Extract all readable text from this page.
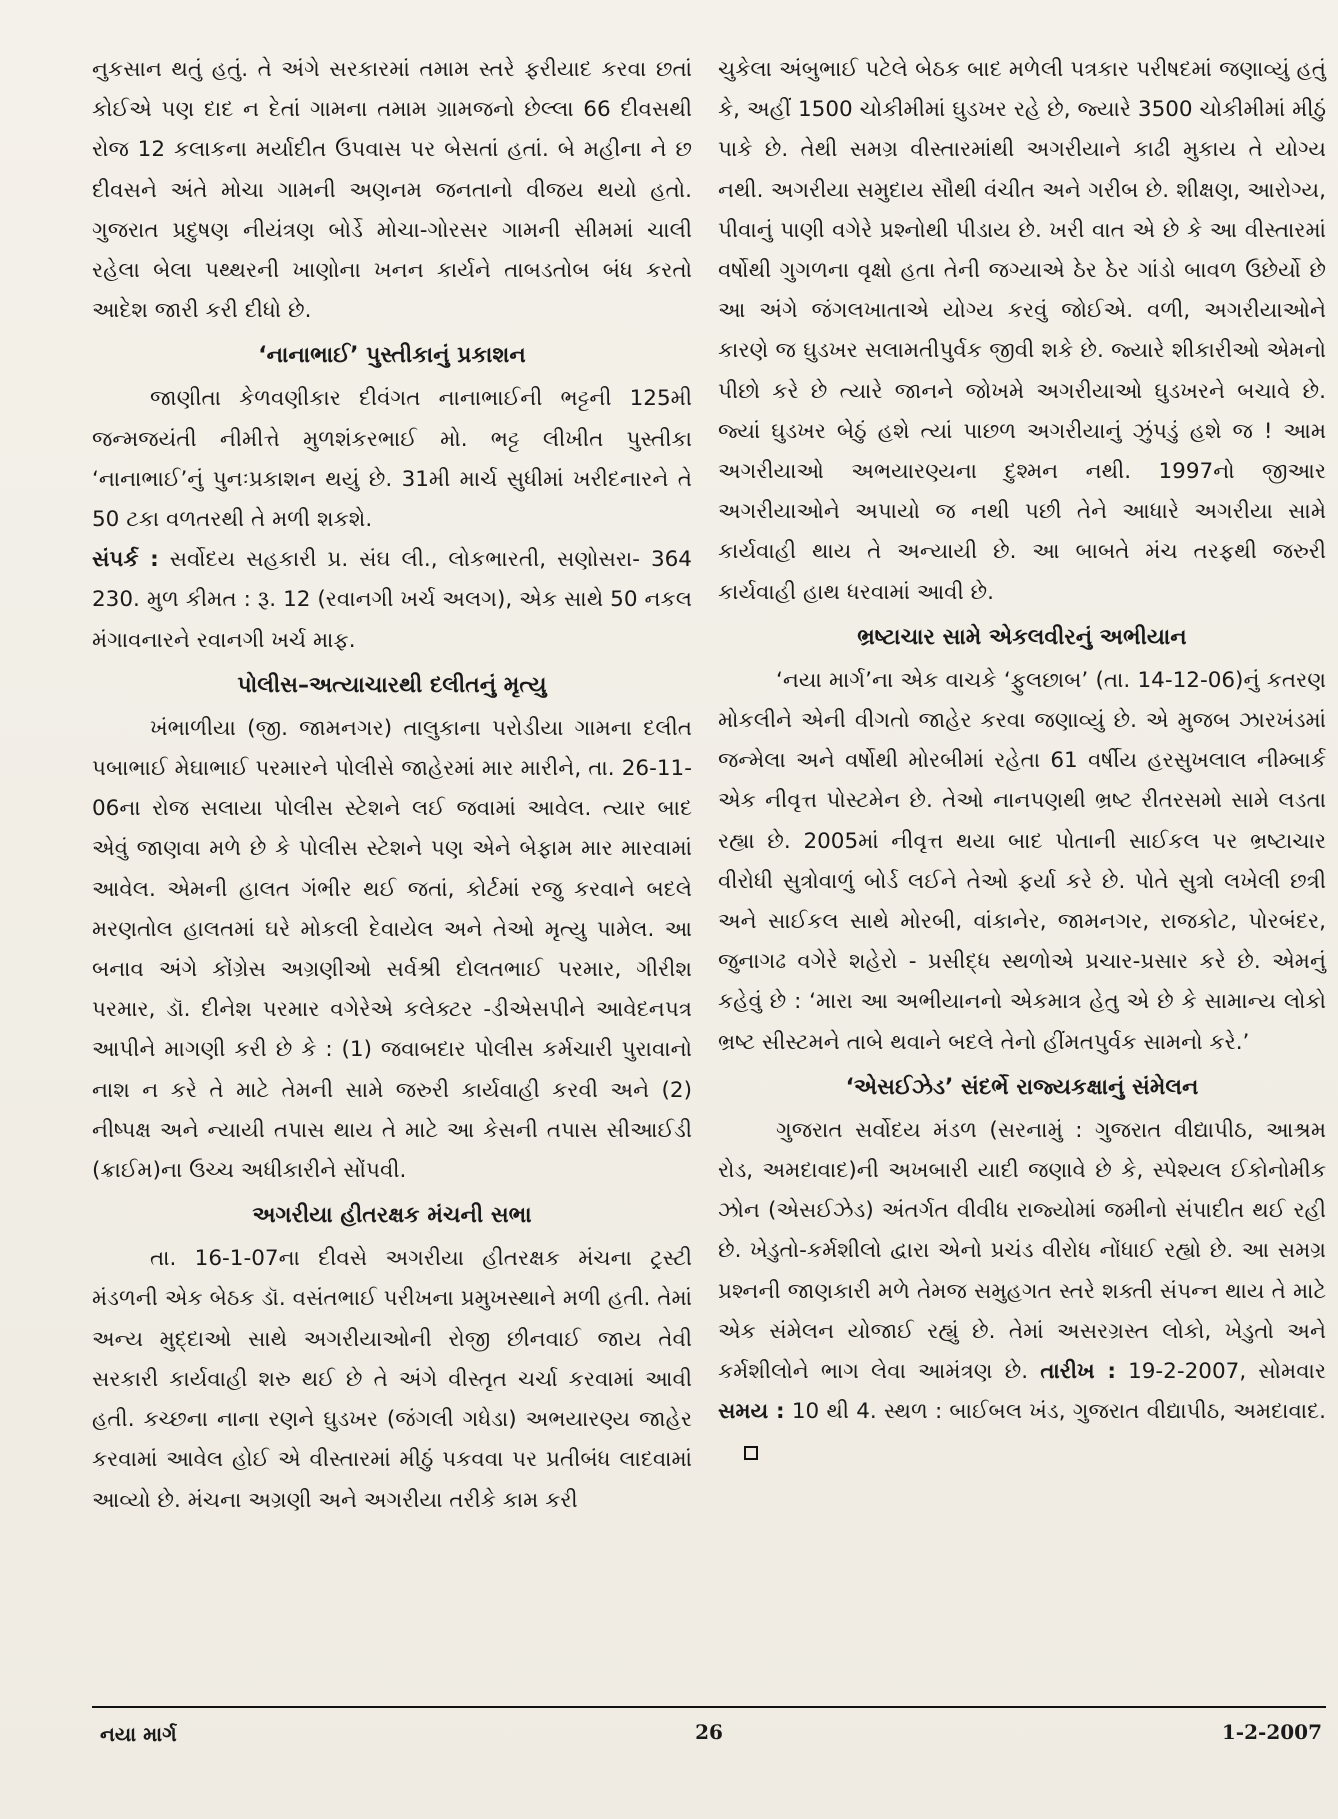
નુકસાન થતું હતું. તે અંગે સરકારમાં તમામ સ્તરે ફરીયાદ કરવા છતાં કોઈએ પણ દાદ ન દેતાં ગામના તમામ ગ્રામજનો છેલ્લા 66 દીવસથી રોજ 12 કલાકના મર્યાદીત ઉપવાસ પર બેસતાં હતાં. બે મહીના ને છ દીવસને અંતે મોચા ગામની અણનમ જનતાનો વીજય થયો હતો. ગુજરાત પ્રદુષણ નીયંત્રણ બોર્ડે મોચા-ગોરસર ગામની સીમમાં ચાલી રહેલા બેલા પથ્થરની ખાણોના ખનન કાર્યને તાબડતોબ બંધ કરતો આદેશ જારી કરી દીધો છે.

‘નાનાભાઈ’ પુસ્તીકાનું પ્રકાશન

જાણીતા કેળવણીકાર દીવંગત નાનાભાઈની ભટ્ટની 125મી જન્મજયંતી નીમીત્તે મુળશંકરભાઈ મો. ભટ્ટ લીખીત પુસ્તીકા ‘નાનાભાઈ’નું પુનઃપ્રકાશન થયું છે. 31મી માર્ચ સુધીમાં ખરીદનારને તે 50 ટકા વળતરથી તે મળી શકશે.

સંપર્ક : સર્વોદય સહકારી પ્ર. સંઘ લી., લોકભારતી, સણોસરા- 364 230. મુળ કીમત : રૂ. 12 (રવાનગી ખર્ચ અલગ), એક સાથે 50 નકલ મંગાવનારને રવાનગી ખર્ચ માફ.

પોલીસ–અત્યાચારથી દલીતનું મૃત્યુ

ખંભાળીયા (જી. જામનગર) તાલુકાના પરોડીયા ગામના દલીત પબાભાઈ મેઘાભાઈ પરમારને પોલીસે જાહેરમાં માર મારીને, તા. 26-11-06ના રોજ સલાયા પોલીસ સ્ટેશને લઈ જવામાં આવેલ. ત્યાર બાદ એવું જાણવા મળે છે કે પોલીસ સ્ટેશને પણ એને બેફામ માર મારવામાં આવેલ. એમની હાલત ગંભીર થઈ જતાં, કોર્ટમાં રજુ કરવાને બદલે મરણતોલ હાલતમાં ઘરે મોકલી દેવાયેલ અને તેઓ મૃત્યુ પામેલ. આ બનાવ અંગે કોંગ્રેસ અગ્રણીઓ સર્વશ્રી દોલતભાઈ પરમાર, ગીરીશ પરમાર, ડૉ. દીનેશ પરમાર વગેરેએ કલેક્ટર -ડીએસપીને આવેદનપત્ર આપીને માગણી કરી છે કે : (1) જવાબદાર પોલીસ કર્મચારી પુરાવાનો નાશ ન કરે તે માટે તેમની સામે જરુરી કાર્યવાહી કરવી અને (2) નીષ્પક્ષ અને ન્યાયી તપાસ થાય તે માટે આ કેસની તપાસ સીઆઈડી (ક્રાઈમ)ના ઉચ્ચ અધીકારીને સોંપવી.

અગરીયા હીતરક્ષક મંચની સભા

તા. 16-1-07ના દીવસે અગરીયા હીતરક્ષક મંચના ટ્રસ્ટી મંડળની એક બેઠક ડૉ. વસંતભાઈ પરીખના પ્રમુખસ્થાને મળી હતી. તેમાં અન્ય મુદ્દાઓ સાથે અગરીયાઓની રોજી છીનવાઈ જાય તેવી સરકારી કાર્યવાહી શરુ થઈ છે તે અંગે વીસ્તૃત ચર્ચા કરવામાં આવી હતી. કચ્છના નાના રણને ઘુડખર (જંગલી ગધેડા) અભયારણ્ય જાહેર કરવામાં આવેલ હોઈ એ વીસ્તારમાં મીઠું પકવવા પર પ્રતીબંધ લાદવામાં આવ્યો છે. મંચના અગ્રણી અને અગરીયા તરીકે કામ કરી

ચુકેલા અંબુભાઈ પટેલે બેઠક બાદ મળેલી પત્રકાર પરીષદમાં જણાવ્યું હતું કે, અહીં 1500 ચોકીમીમાં ઘુડખર રહે છે, જ્યારે 3500 ચોકીમીમાં મીઠું પાકે છે. તેથી સમગ્ર વીસ્તારમાંથી અગરીયાને કાઢી મુકાય તે યોગ્ય નથી. અગરીયા સમુદાય સૌથી વંચીત અને ગરીબ છે. શીક્ષણ, આરોગ્ય, પીવાનું પાણી વગેરે પ્રશ્નોથી પીડાય છે. ખરી વાત એ છે કે આ વીસ્તારમાં વર્ષોથી ગુગળના વૃક્ષો હતા તેની જગ્યાએ ઠેર ઠેર ગાંડો બાવળ ઉછેર્યો છે આ અંગે જંગલખાતાએ યોગ્ય કરવું જોઈએ. વળી, અગરીયાઓને કારણે જ ઘુડખર સલામતીપુર્વક જીવી શકે છે. જ્યારે શીકારીઓ એમનો પીછો કરે છે ત્યારે જાનને જોખમે અગરીયાઓ ઘુડખરને બચાવે છે. જ્યાં ઘુડખર બેઠું હશે ત્યાં પાછળ અગરીયાનું ઝુંપડું હશે જ ! આમ અગરીયાઓ અભયારણ્યના દુશ્મન નથી. 1997નો જીઆર અગરીયાઓને અપાયો જ નથી પછી તેને આધારે અગરીયા સામે કાર્યવાહી થાય તે અન્યાયી છે. આ બાબતે મંચ તરફથી જરુરી કાર્યવાહી હાથ ધરવામાં આવી છે.

ભ્રષ્ટાચાર સામે એકલવીરનું અભીયાન

‘નયા માર્ગ’ના એક વાચકે ‘ફુલછાબ’ (તા. 14-12-06)નું કતરણ મોકલીને એની વીગતો જાહેર કરવા જણાવ્યું છે. એ મુજબ ઝારખંડમાં જન્મેલા અને વર્ષોથી મોરબીમાં રહેતા 61 વર્ષીય હરસુખલાલ નીમ્બાર્ક એક નીવૃત્ત પોસ્ટમેન છે. તેઓ નાનપણથી ભ્રષ્ટ રીતરસમો સામે લડતા રહ્યા છે. 2005માં નીવૃત્ત થયા બાદ પોતાની સાઈકલ પર ભ્રષ્ટાચાર વીરોધી સુત્રોવાળું બોર્ડ લઈને તેઓ ફર્યા કરે છે. પોતે સુત્રો લખેલી છત્રી અને સાઈકલ સાથે મોરબી, વાંકાનેર, જામનગર, રાજકોટ, પોરબંદર, જુનાગઢ વગેરે શહેરો - પ્રસીદ્ધ સ્થળોએ પ્રચાર-પ્રસાર કરે છે. એમનું કહેવું છે : ‘મારા આ અભીયાનનો એકમાત્ર હેતુ એ છે કે સામાન્ય લોકો ભ્રષ્ટ સીસ્ટમને તાબે થવાને બદલે તેનો હીંમતપુર્વક સામનો કરે.’

‘એસઈઝેડ’ સંદર્ભે રાજ્યકક્ષાનું સંમેલન

ગુજરાત સર્વોદય મંડળ (સરનામું : ગુજરાત વીદ્યાપીઠ, આશ્રમ રોડ, અમદાવાદ)ની અખબારી યાદી જણાવે છે કે, સ્પેશ્યલ ઈકોનોમીક ઝોન (એસઈઝેડ) અંતર્ગત વીવીધ રાજ્યોમાં જમીનો સંપાદીત થઈ રહી છે. ખેડુતો-કર્મશીલો દ્વારા એનો પ્રચંડ વીરોધ નોંધાઈ રહ્યો છે. આ સમગ્ર પ્રશ્નની જાણકારી મળે તેમજ સમુહગત સ્તરે શક્તી સંપન્ન થાય તે માટે એક સંમેલન યોજાઈ રહ્યું છે. તેમાં અસરગ્રસ્ત લોકો, ખેડુતો અને કર્મશીલોને ભાગ લેવા આમંત્રણ છે. તારીખ : 19-2-2007, સોમવાર સમય : 10 થી 4. સ્થળ : બાઈબલ ખંડ, ગુજરાત વીદ્યાપીઠ, અમદાવાદ.

નયા માર્ગ	26	1-2-2007
